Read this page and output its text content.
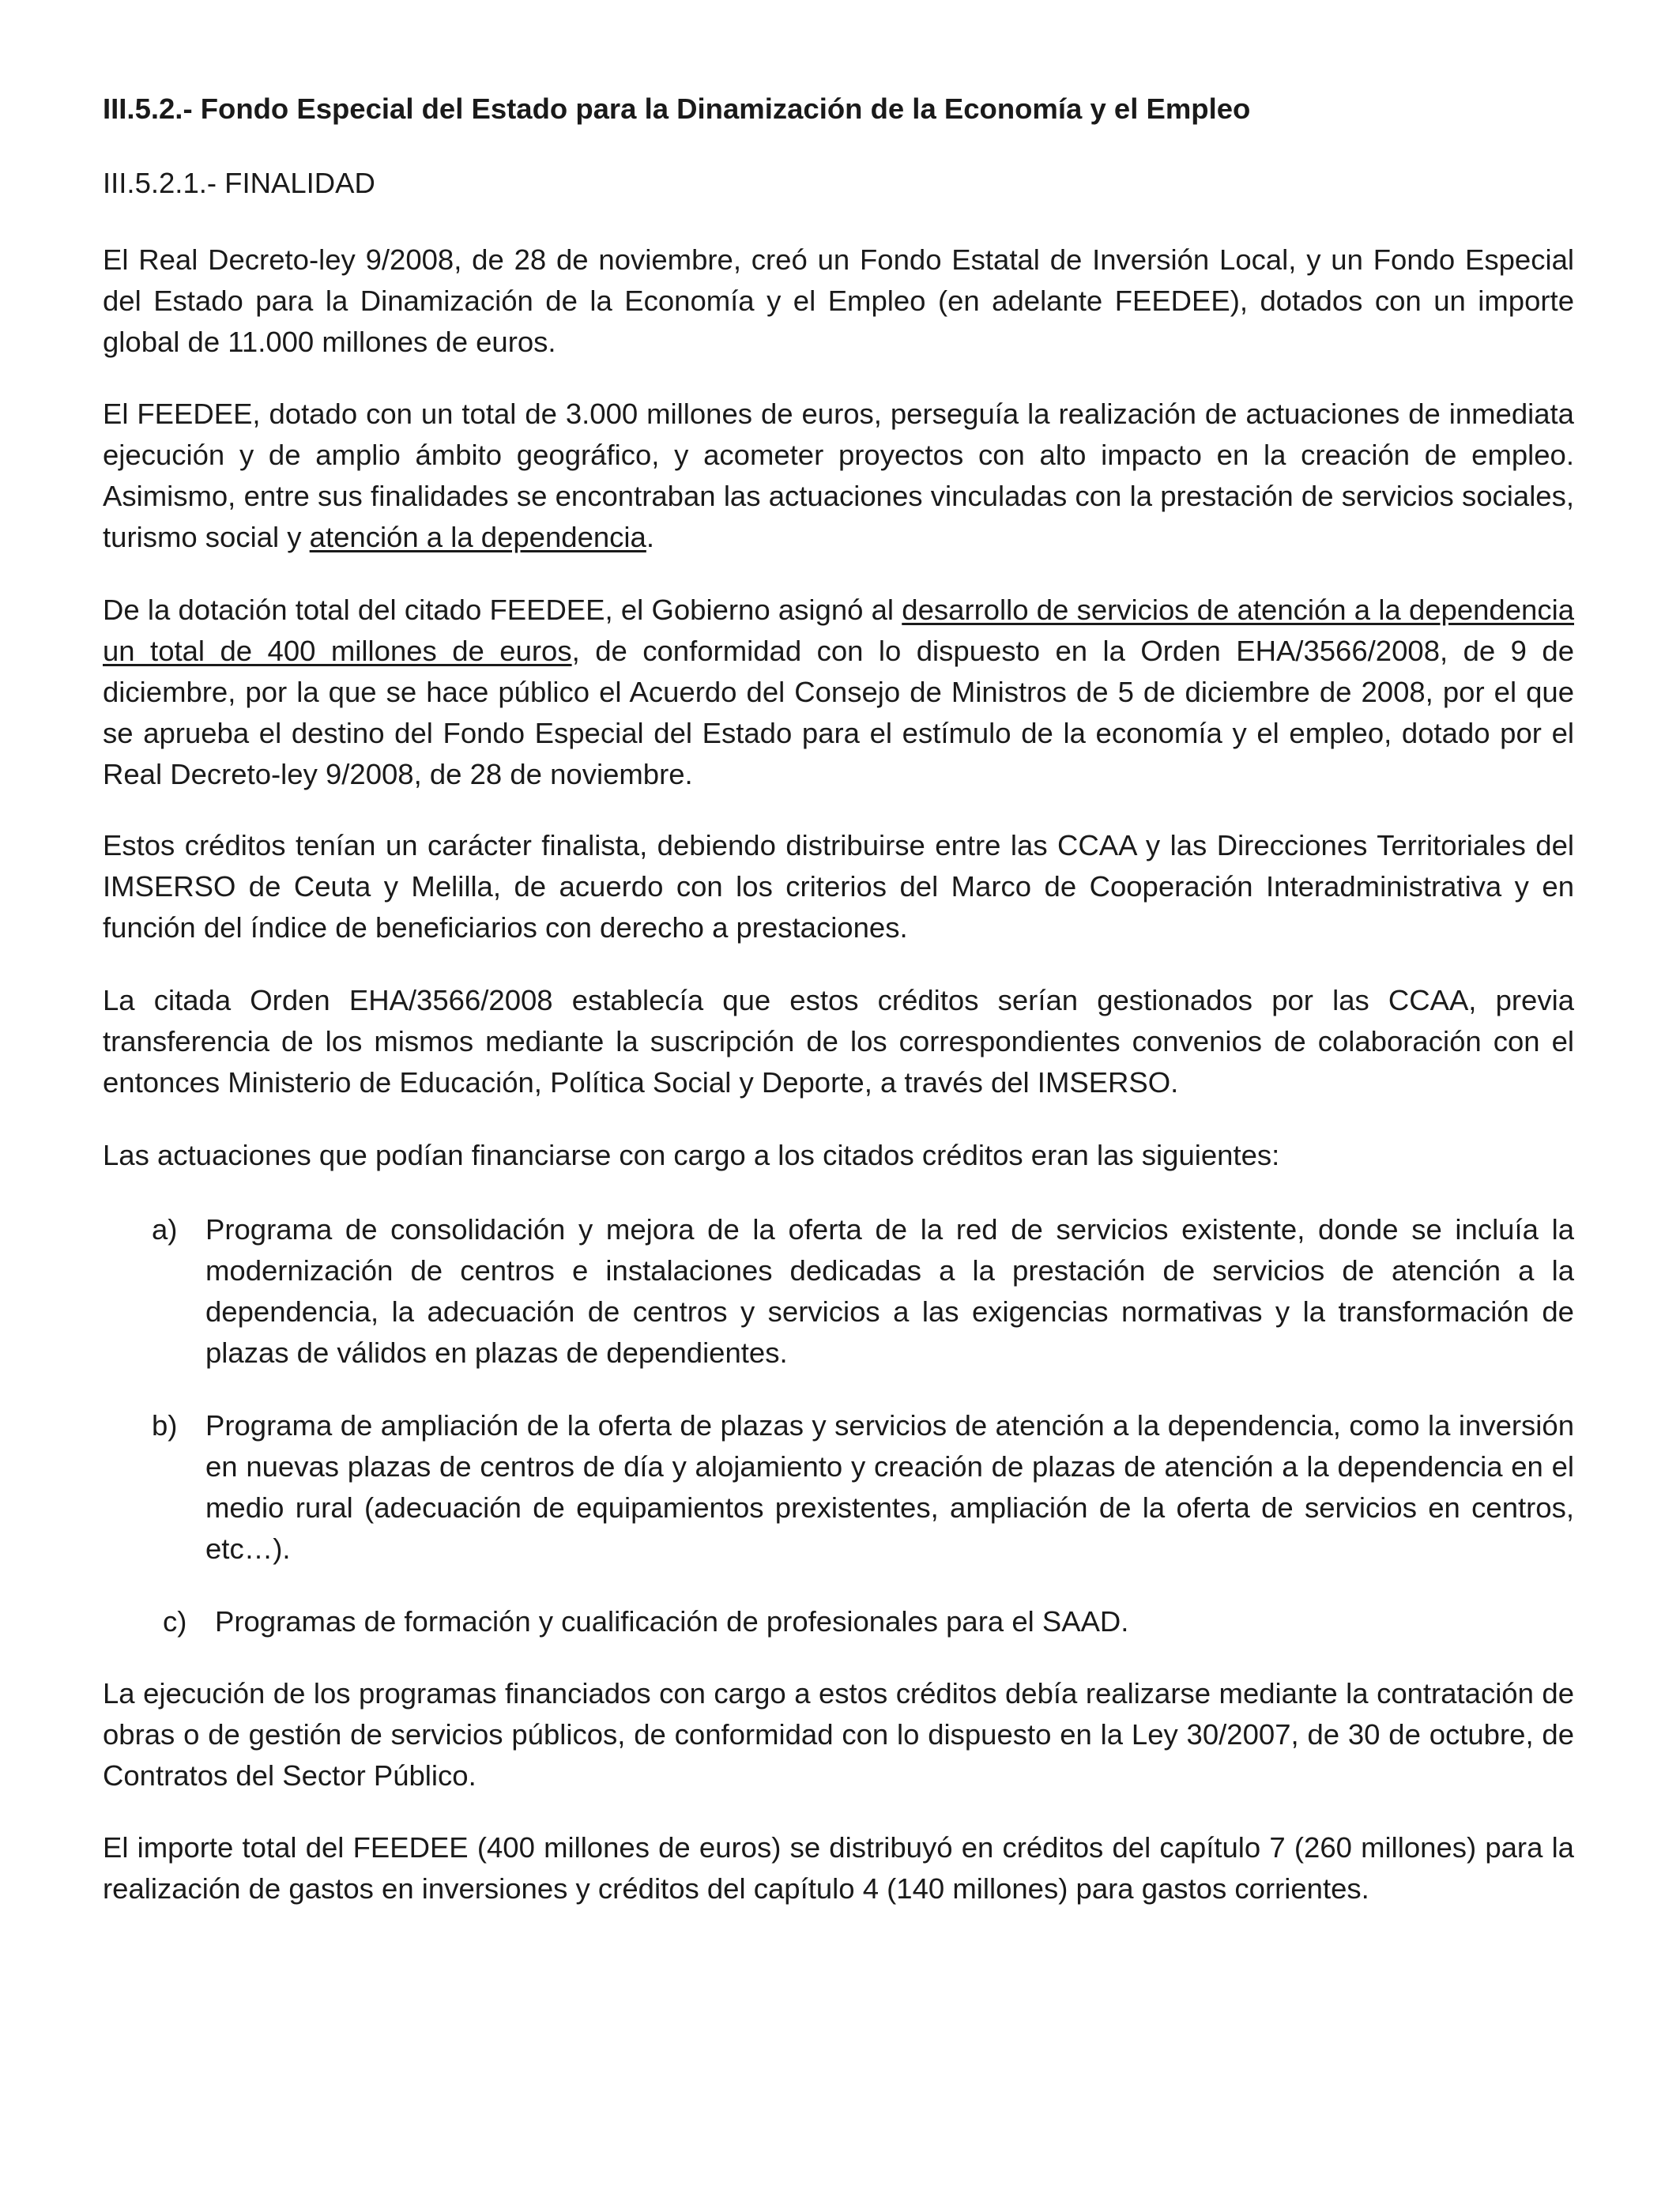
III.5.2.- Fondo Especial del Estado para la Dinamización de la Economía y el Empleo

III.5.2.1.- FINALIDAD

El Real Decreto-ley 9/2008, de 28 de noviembre, creó un Fondo Estatal de Inversión Local, y un Fondo Especial del Estado para la Dinamización de la Economía y el Empleo (en adelante FEEDEE), dotados con un importe global de 11.000 millones de euros.

El FEEDEE, dotado con un total de 3.000 millones de euros, perseguía la realización de actuaciones de inmediata ejecución y de amplio ámbito geográfico, y acometer proyectos con alto impacto en la creación de empleo. Asimismo, entre sus finalidades se encontraban las actuaciones vinculadas con la prestación de servicios sociales, turismo social y atención a la dependencia.

De la dotación total del citado FEEDEE, el Gobierno asignó al desarrollo de servicios de atención a la dependencia un total de 400 millones de euros, de conformidad con lo dispuesto en la Orden EHA/3566/2008, de 9 de diciembre, por la que se hace público el Acuerdo del Consejo de Ministros de 5 de diciembre de 2008, por el que se aprueba el destino del Fondo Especial del Estado para el estímulo de la economía y el empleo, dotado por el Real Decreto-ley 9/2008, de 28 de noviembre.

Estos créditos tenían un carácter finalista, debiendo distribuirse entre las CCAA y las Direcciones Territoriales del IMSERSO de Ceuta y Melilla, de acuerdo con los criterios del Marco de Cooperación Interadministrativa y en función del índice de beneficiarios con derecho a prestaciones.

La citada Orden EHA/3566/2008 establecía que estos créditos serían gestionados por las CCAA, previa transferencia de los mismos mediante la suscripción de los correspondientes convenios de colaboración con el entonces Ministerio de Educación, Política Social y Deporte, a través del IMSERSO.

Las actuaciones que podían financiarse con cargo a los citados créditos eran las siguientes:

a) Programa de consolidación y mejora de la oferta de la red de servicios existente, donde se incluía la modernización de centros e instalaciones dedicadas a la prestación de servicios de atención a la dependencia, la adecuación de centros y servicios a las exigencias normativas y la transformación de plazas de válidos en plazas de dependientes.
b) Programa de ampliación de la oferta de plazas y servicios de atención a la dependencia, como la inversión en nuevas plazas de centros de día y alojamiento y creación de plazas de atención a la dependencia en el medio rural (adecuación de equipamientos prexistentes, ampliación de la oferta de servicios en centros, etc…).
c) Programas de formación y cualificación de profesionales para el SAAD.

La ejecución de los programas financiados con cargo a estos créditos debía realizarse mediante la contratación de obras o de gestión de servicios públicos, de conformidad con lo dispuesto en la Ley 30/2007, de 30 de octubre, de Contratos del Sector Público.

El importe total del FEEDEE (400 millones de euros) se distribuyó en créditos del capítulo 7 (260 millones) para la realización de gastos en inversiones y créditos del capítulo 4 (140 millones) para gastos corrientes.
